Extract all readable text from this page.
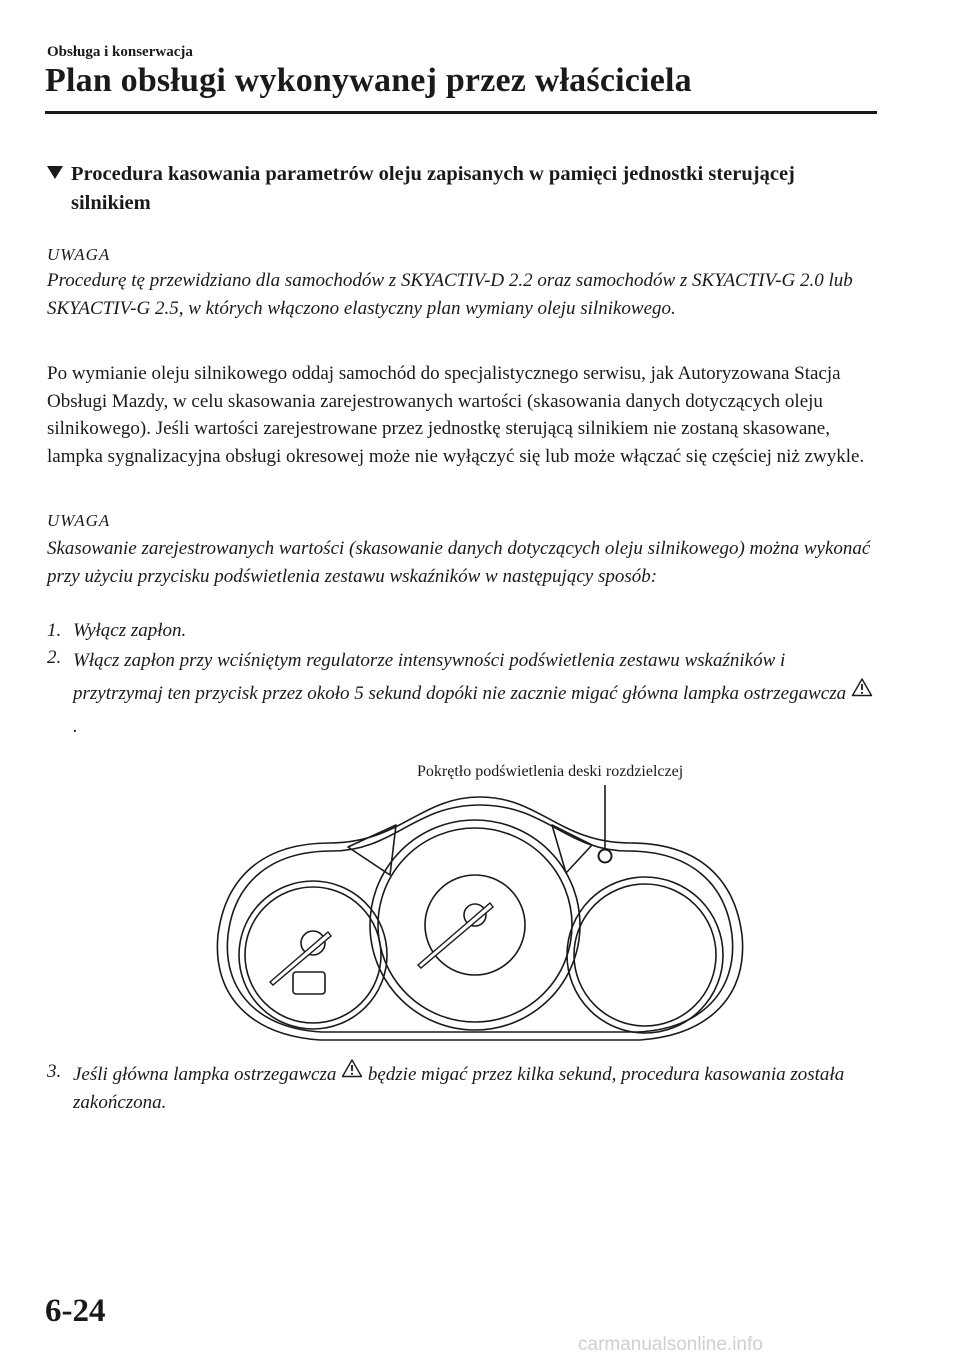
Obsługa i konserwacja
Plan obsługi wykonywanej przez właściciela
Procedura kasowania parametrów oleju zapisanych w pamięci jednostki sterującej silnikiem
UWAGA
Procedurę tę przewidziano dla samochodów z SKYACTIV-D 2.2 oraz samochodów z SKYACTIV-G 2.0 lub SKYACTIV-G 2.5, w których włączono elastyczny plan wymiany oleju silnikowego.
Po wymianie oleju silnikowego oddaj samochód do specjalistycznego serwisu, jak Autoryzowana Stacja Obsługi Mazdy, w celu skasowania zarejestrowanych wartości (skasowania danych dotyczących oleju silnikowego). Jeśli wartości zarejestrowane przez jednostkę sterującą silnikiem nie zostaną skasowane, lampka sygnalizacyjna obsługi okresowej może nie wyłączyć się lub może włączać się częściej niż zwykle.
UWAGA
Skasowanie zarejestrowanych wartości (skasowanie danych dotyczących oleju silnikowego) można wykonać przy użyciu przycisku podświetlenia zestawu wskaźników w następujący sposób:
1. Wyłącz zapłon.
2. Włącz zapłon przy wciśniętym regulatorze intensywności podświetlenia zestawu wskaźników i przytrzymaj ten przycisk przez około 5 sekund dopóki nie zacznie migać główna lampka ostrzegawcza .
Pokrętło podświetlenia deski rozdzielczej
3. Jeśli główna lampka ostrzegawcza będzie migać przez kilka sekund, procedura kasowania została zakończona.
6-24
carmanualsonline.info
